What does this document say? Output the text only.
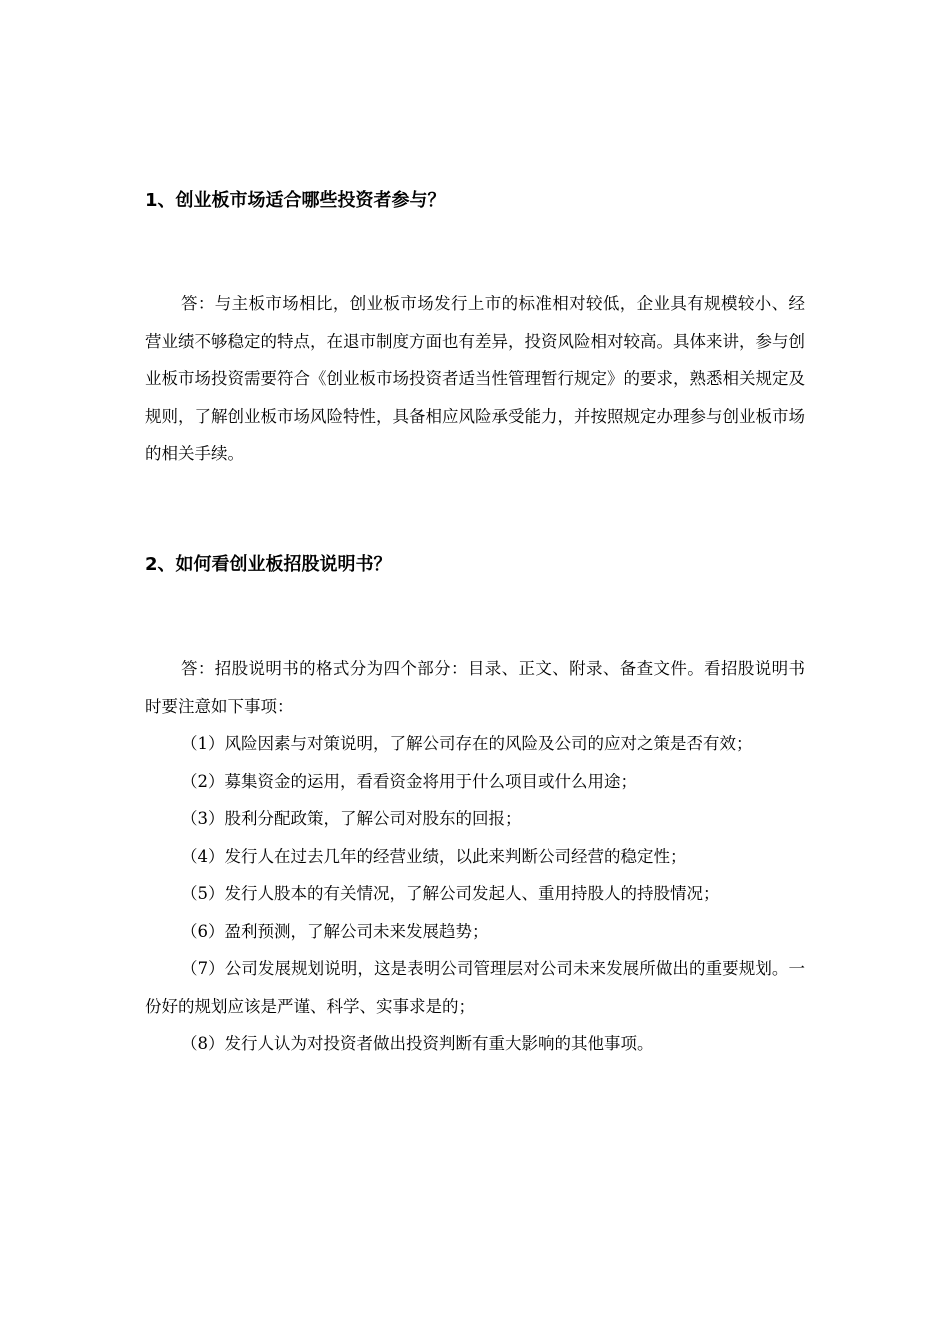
1、创业板市场适合哪些投资者参与？

答：与主板市场相比，创业板市场发行上市的标准相对较低，企业具有规模较小、经营业绩不够稳定的特点，在退市制度方面也有差异，投资风险相对较高。具体来讲，参与创业板市场投资需要符合《创业板市场投资者适当性管理暂行规定》的要求，熟悉相关规定及规则，了解创业板市场风险特性，具备相应风险承受能力，并按照规定办理参与创业板市场的相关手续。

2、如何看创业板招股说明书？

答：招股说明书的格式分为四个部分：目录、正文、附录、备查文件。看招股说明书时要注意如下事项：

（1）风险因素与对策说明，了解公司存在的风险及公司的应对之策是否有效；

（2）募集资金的运用，看看资金将用于什么项目或什么用途；

（3）股利分配政策，了解公司对股东的回报；

（4）发行人在过去几年的经营业绩，以此来判断公司经营的稳定性；

（5）发行人股本的有关情况，了解公司发起人、重用持股人的持股情况；

（6）盈利预测，了解公司未来发展趋势；

（7）公司发展规划说明，这是表明公司管理层对公司未来发展所做出的重要规划。一份好的规划应该是严谨、科学、实事求是的；

（8）发行人认为对投资者做出投资判断有重大影响的其他事项。
